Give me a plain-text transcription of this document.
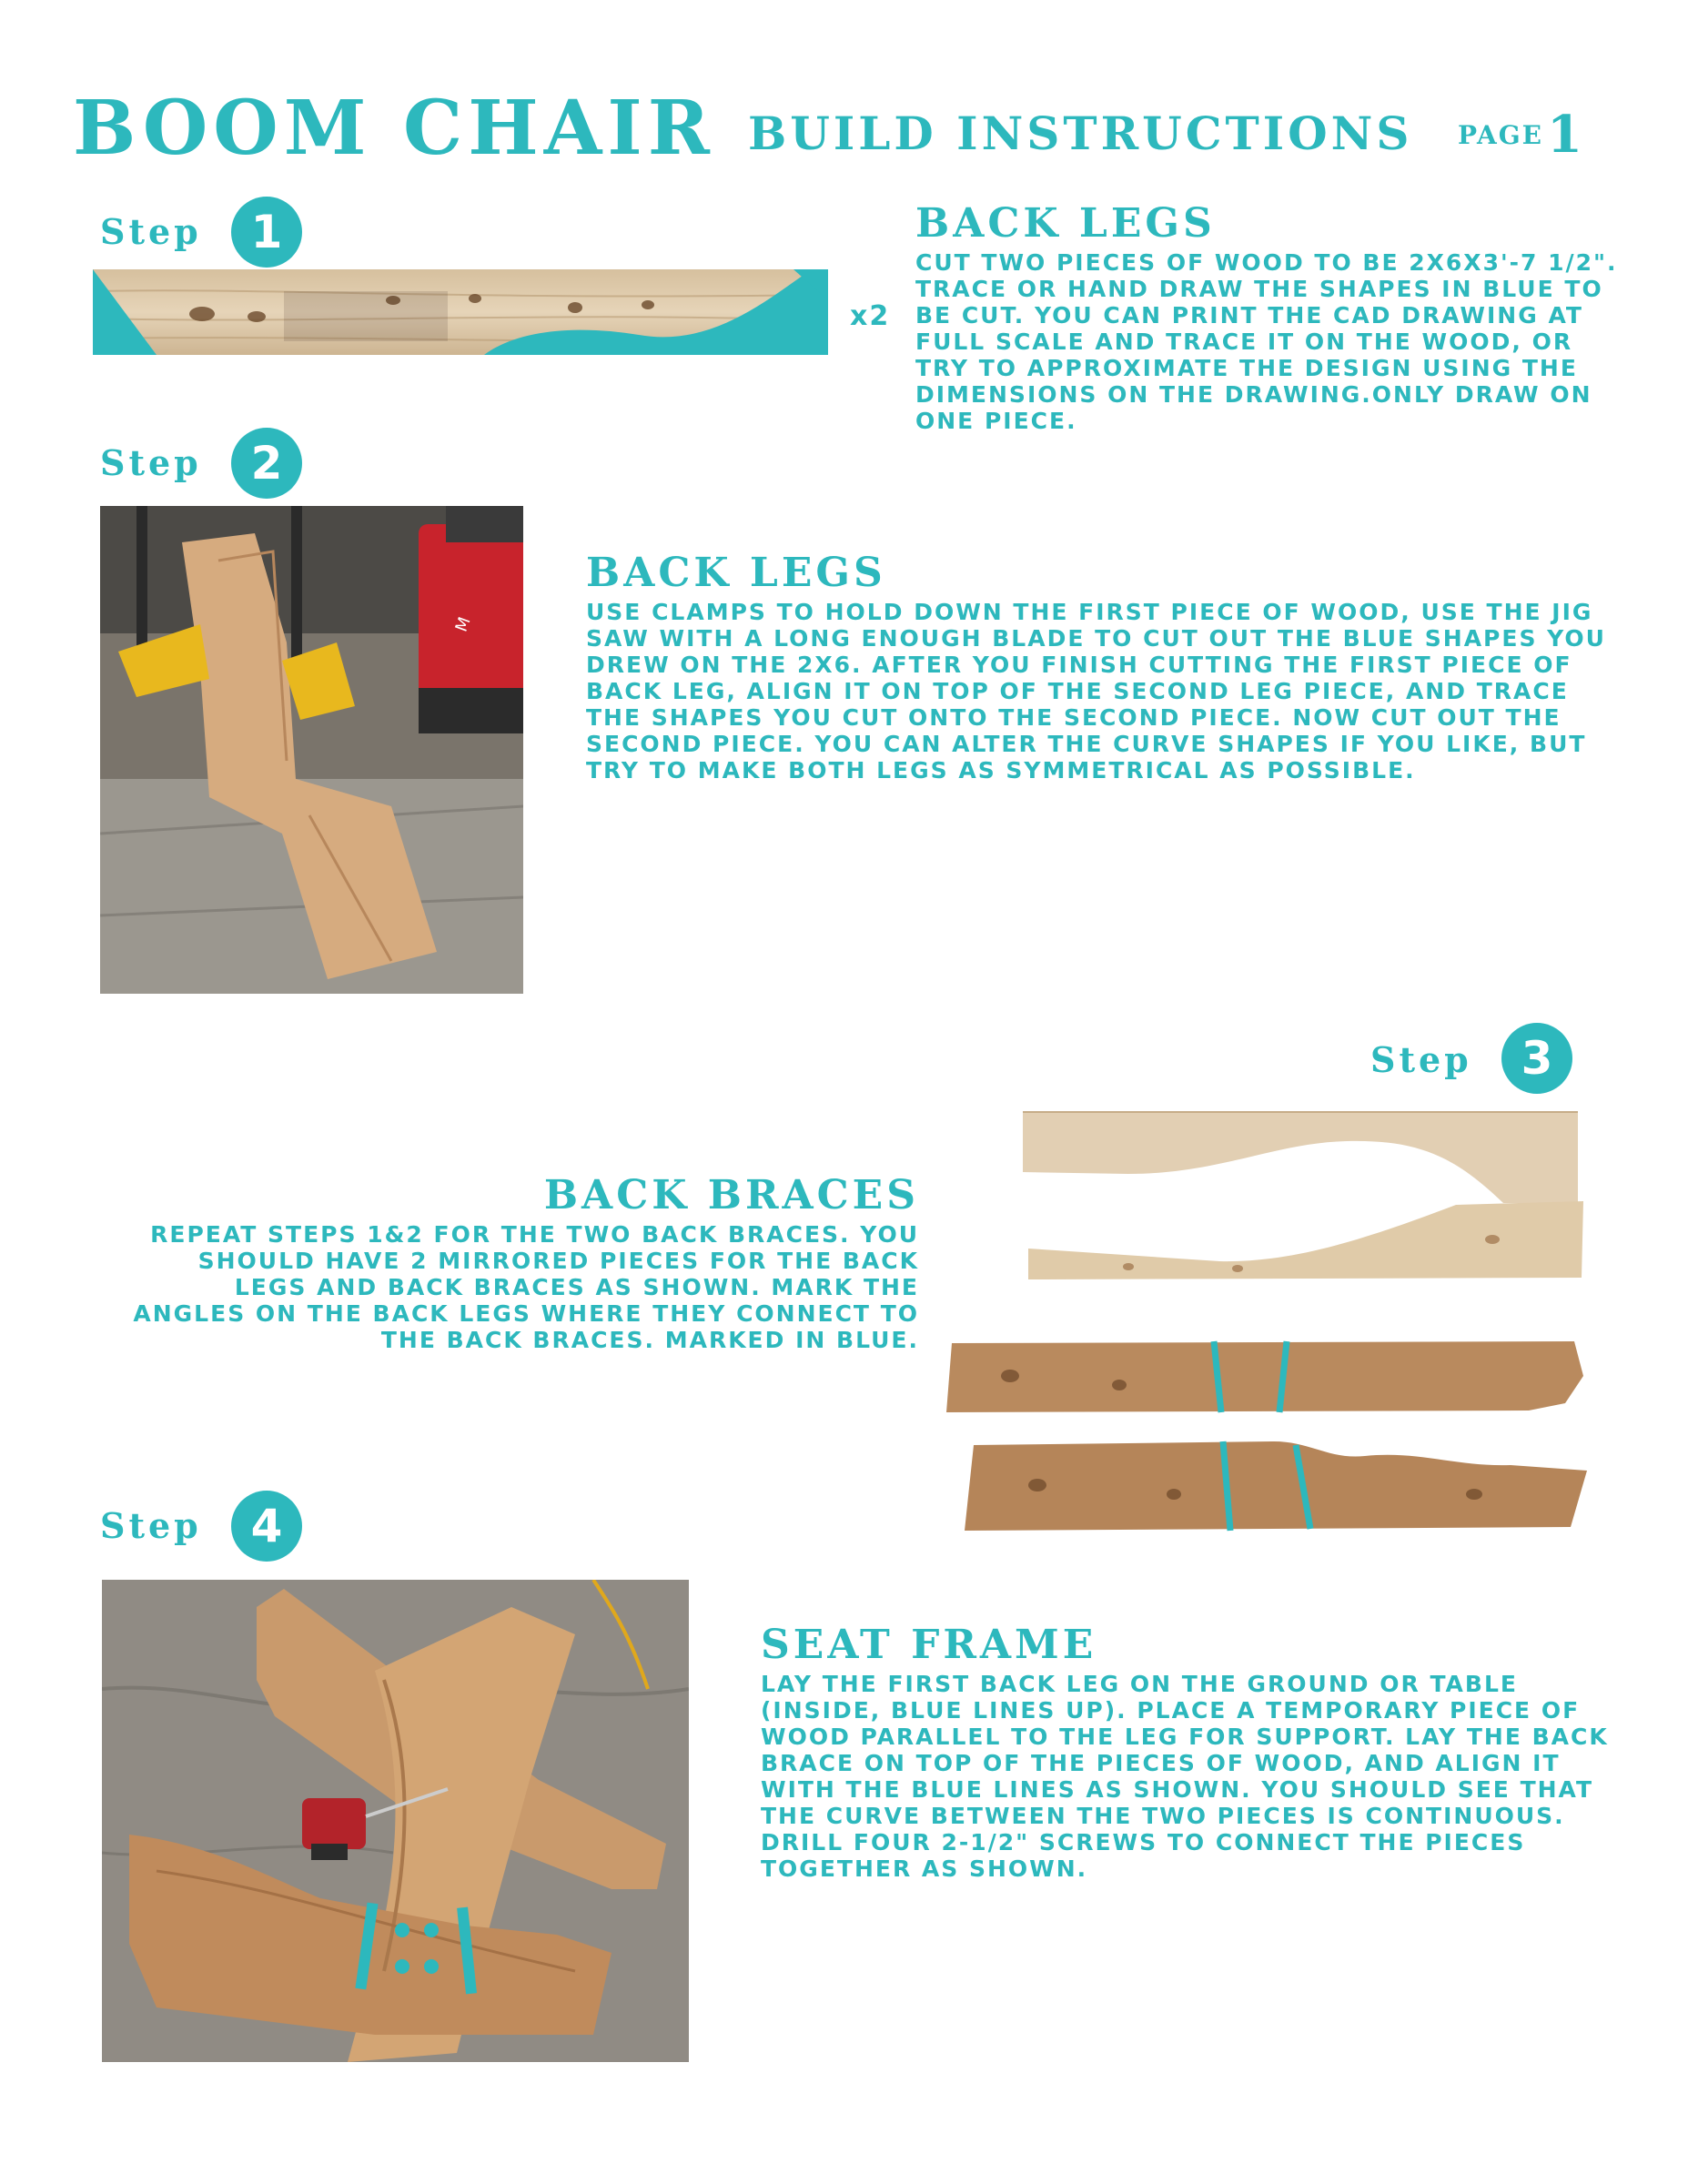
BOOM CHAIR BUILD INSTRUCTIONS PAGE 1
Step	1
x2
BACK LEGS
CUT TWO PIECES OF WOOD TO BE 2X6X3'-7 1/2". TRACE OR HAND DRAW THE SHAPES IN BLUE TO BE CUT. YOU CAN PRINT THE CAD DRAWING AT FULL SCALE AND TRACE IT ON THE WOOD, OR TRY TO APPROXIMATE THE DESIGN USING THE DIMENSIONS ON THE DRAWING.ONLY DRAW ON ONE PIECE.
Step	2
M
BACK LEGS
USE CLAMPS TO HOLD DOWN THE FIRST PIECE OF WOOD, USE THE JIG SAW WITH A LONG ENOUGH BLADE TO CUT OUT THE BLUE SHAPES YOU DREW ON THE 2X6. AFTER YOU FINISH CUTTING THE FIRST PIECE OF BACK LEG, ALIGN IT ON TOP OF THE SECOND LEG PIECE, AND TRACE THE SHAPES YOU CUT ONTO THE SECOND PIECE. NOW CUT OUT THE SECOND PIECE. YOU CAN ALTER THE CURVE SHAPES IF YOU LIKE, BUT TRY TO MAKE BOTH LEGS AS SYMMETRICAL AS POSSIBLE.
Step	3
BACK BRACES
REPEAT STEPS 1&2 FOR THE TWO BACK BRACES. YOU SHOULD HAVE 2 MIRRORED PIECES FOR THE BACK LEGS AND BACK BRACES AS SHOWN. MARK THE ANGLES ON THE BACK LEGS WHERE THEY CONNECT TO THE BACK BRACES. MARKED IN BLUE.
Step	4
SEAT FRAME
LAY THE FIRST BACK LEG ON THE GROUND OR TABLE (INSIDE, BLUE LINES UP). PLACE A TEMPORARY PIECE OF WOOD PARALLEL TO THE LEG FOR SUPPORT. LAY THE BACK BRACE ON TOP OF THE PIECES OF WOOD, AND ALIGN IT WITH THE BLUE LINES AS SHOWN. YOU SHOULD SEE THAT THE CURVE BETWEEN THE TWO PIECES IS CONTINUOUS. DRILL FOUR 2-1/2" SCREWS TO CONNECT THE PIECES TOGETHER AS SHOWN.
